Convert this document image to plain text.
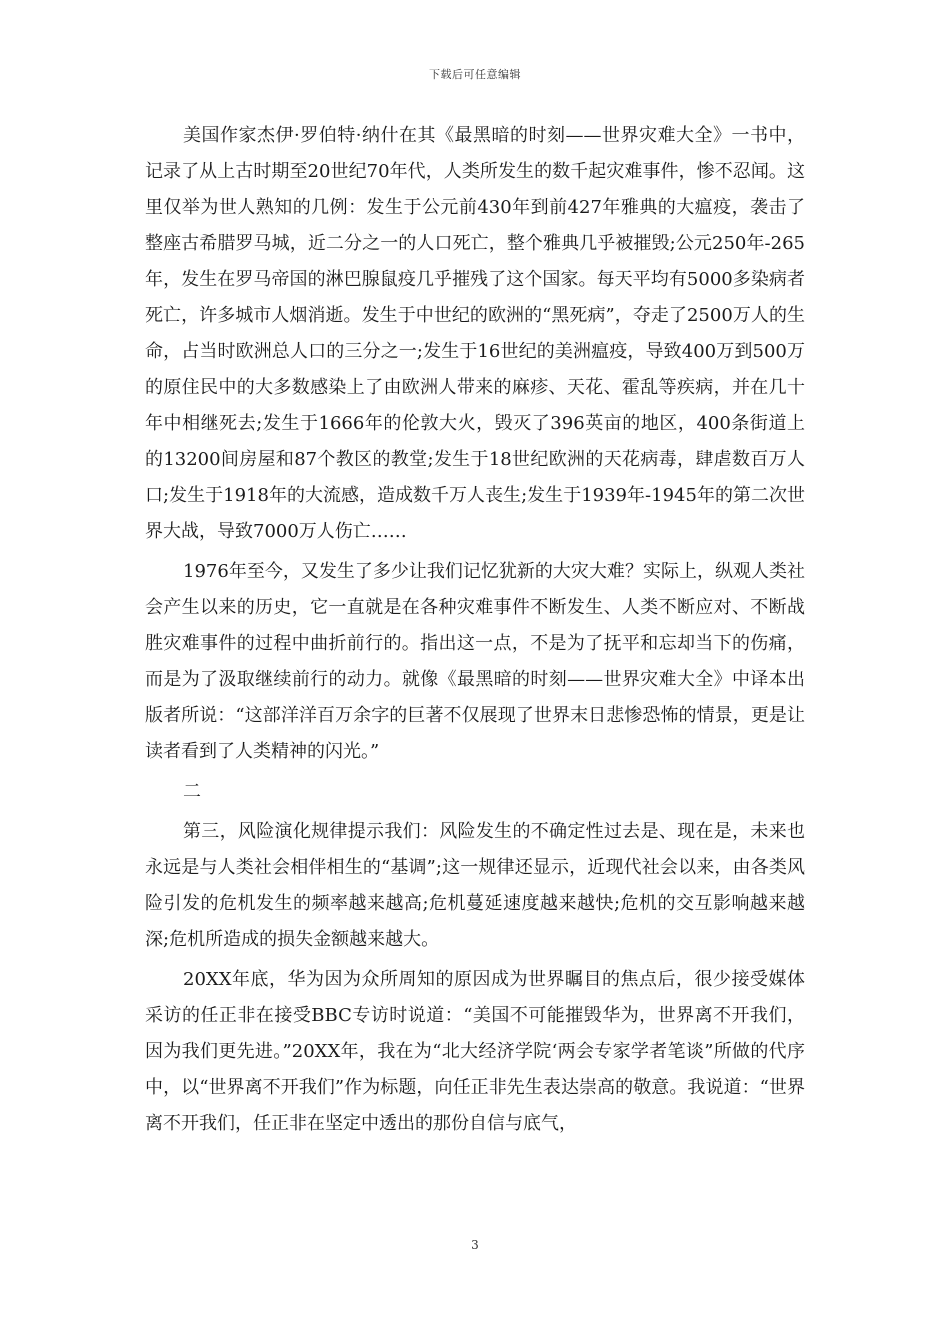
下载后可任意编辑

美国作家杰伊·罗伯特·纳什在其《最黑暗的时刻——世界灾难大全》一书中，记录了从上古时期至20世纪70年代，人类所发生的数千起灾难事件，惨不忍闻。这里仅举为世人熟知的几例：发生于公元前430年到前427年雅典的大瘟疫，袭击了整座古希腊罗马城，近二分之一的人口死亡，整个雅典几乎被摧毁;公元250年-265年，发生在罗马帝国的淋巴腺鼠疫几乎摧残了这个国家。每天平均有5000多染病者死亡，许多城市人烟消逝。发生于中世纪的欧洲的“黑死病”，夺走了2500万人的生命，占当时欧洲总人口的三分之一;发生于16世纪的美洲瘟疫，导致400万到500万的原住民中的大多数感染上了由欧洲人带来的麻疹、天花、霍乱等疾病，并在几十年中相继死去;发生于1666年的伦敦大火，毁灭了396英亩的地区，400条街道上的13200间房屋和87个教区的教堂;发生于18世纪欧洲的天花病毒，肆虐数百万人口;发生于1918年的大流感，造成数千万人丧生;发生于1939年-1945年的第二次世界大战，导致7000万人伤亡……

1976年至今，又发生了多少让我们记忆犹新的大灾大难？实际上，纵观人类社会产生以来的历史，它一直就是在各种灾难事件不断发生、人类不断应对、不断战胜灾难事件的过程中曲折前行的。指出这一点，不是为了抚平和忘却当下的伤痛，而是为了汲取继续前行的动力。就像《最黑暗的时刻——世界灾难大全》中译本出版者所说：“这部洋洋百万余字的巨著不仅展现了世界末日悲惨恐怖的情景，更是让读者看到了人类精神的闪光。”

二

第三，风险演化规律提示我们：风险发生的不确定性过去是、现在是，未来也永远是与人类社会相伴相生的“基调”;这一规律还显示，近现代社会以来，由各类风险引发的危机发生的频率越来越高;危机蔓延速度越来越快;危机的交互影响越来越深;危机所造成的损失金额越来越大。

20XX年底，华为因为众所周知的原因成为世界瞩目的焦点后，很少接受媒体采访的任正非在接受BBC专访时说道：“美国不可能摧毁华为，世界离不开我们，因为我们更先进。”20XX年，我在为“北大经济学院‘两会专家学者笔谈”所做的代序中，以“世界离不开我们”作为标题，向任正非先生表达崇高的敬意。我说道：“世界离不开我们，任正非在坚定中透出的那份自信与底气，

3
